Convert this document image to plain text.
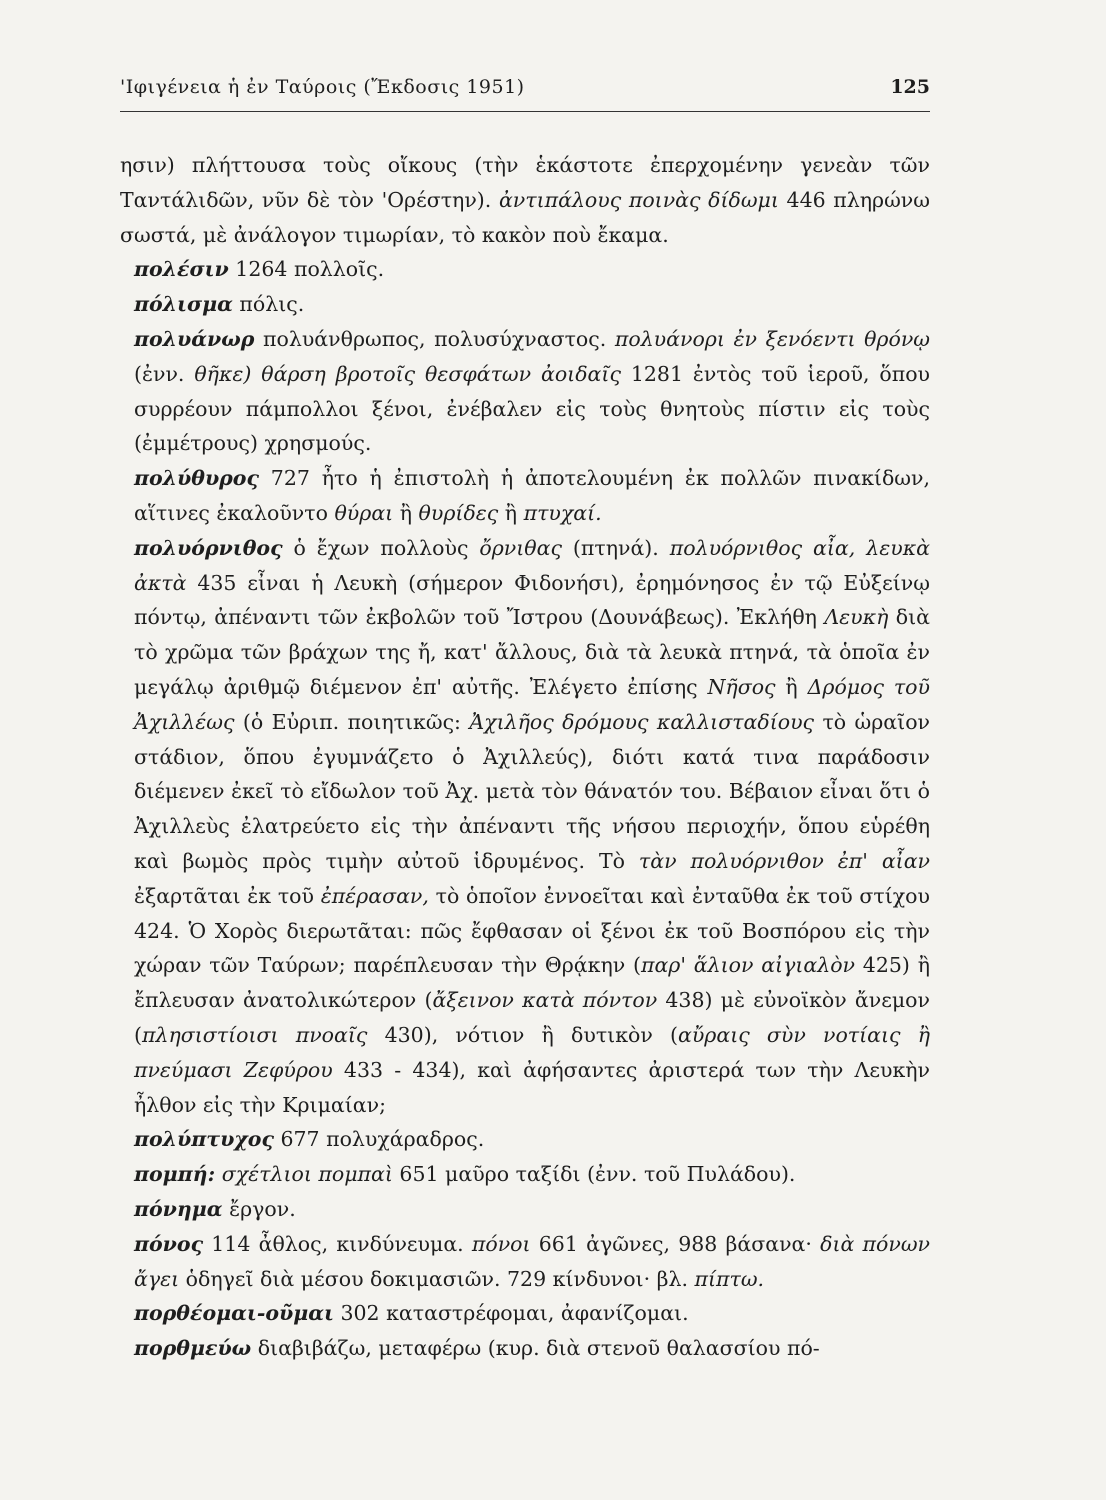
'Ιφιγένεια ἡ ἐν Ταύροις (Ἔκδοσις 1951)	125

ησιν) πλήττουσα τοὺς οἴκους (τὴν ἑκάστοτε ἐπερχομένην γενεὰν τῶν Ταντάλιδῶν, νῦν δὲ τὸν 'Ορέστην). ἀντιπάλους ποινὰς δίδωμι 446 πληρώνω σωστά, μὲ ἀνάλογον τιμωρίαν, τὸ κακὸν ποὺ ἔκαμα.

πολέσιν 1264 πολλοῖς.

πόλισμα πόλις.

πολυάνωρ πολυάνθρωπος, πολυσύχναστος. πολυάνορι ἐν ξενόεντι θρόνῳ (ἐνν. θῆκε) θάρση βροτοῖς θεσφάτων ἀοιδαῖς 1281 ἐντὸς τοῦ ἱεροῦ, ὅπου συρρέουν πάμπολλοι ξένοι, ἐνέβαλεν εἰς τοὺς θνητοὺς πίστιν εἰς τοὺς (ἐμμέτρους) χρησμούς.

πολύθυρος 727 ἦτο ἡ ἐπιστολὴ ἡ ἀποτελουμένη ἐκ πολλῶν πινακίδων, αἵτινες ἐκαλοῦντο θύραι ἢ θυρίδες ἢ πτυχαί.

πολυόρνιθος ὁ ἔχων πολλοὺς ὄρνιθας (πτηνά). πολυόρνιθος αἶα, λευκὰ ἀκτὰ 435 εἶναι ἡ Λευκὴ (σήμερον Φιδονήσι), ἐρημόνησος ἐν τῷ Εὐξείνῳ πόντῳ, ἀπέναντι τῶν ἐκβολῶν τοῦ Ἴστρου (Δουνάβεως). Ἐκλήθη Λευκὴ διὰ τὸ χρῶμα τῶν βράχων της ἤ, κατ' ἄλλους, διὰ τὰ λευκὰ πτηνά, τὰ ὁποῖα ἐν μεγάλῳ ἀριθμῷ διέμενον ἐπ' αὐτῆς. Ἐλέγετο ἐπίσης Νῆσος ἢ Δρόμος τοῦ Ἀχιλλέως (ὁ Εὐριπ. ποιητικῶς: Ἀχιλῆος δρόμους καλλισταδίους τὸ ὡραῖον στάδιον, ὅπου ἐγυμνάζετο ὁ Ἀχιλλεύς), διότι κατά τινα παράδοσιν διέμενεν ἐκεῖ τὸ εἴδωλον τοῦ Ἀχ. μετὰ τὸν θάνατόν του. Βέβαιον εἶναι ὅτι ὁ Ἀχιλλεὺς ἐλατρεύετο εἰς τὴν ἀπέναντι τῆς νήσου περιοχήν, ὅπου εὑρέθη καὶ βωμὸς πρὸς τιμὴν αὐτοῦ ἱδρυμένος. Τὸ τὰν πολυόρνιθον ἐπ' αἶαν ἐξαρτᾶται ἐκ τοῦ ἐπέρασαν, τὸ ὁποῖον ἐννοεῖται καὶ ἐνταῦθα ἐκ τοῦ στίχου 424. Ὁ Χορὸς διερωτᾶται: πῶς ἔφθασαν οἱ ξένοι ἐκ τοῦ Βοσπόρου εἰς τὴν χώραν τῶν Ταύρων; παρέπλευσαν τὴν Θρᾴκην (παρ' ἅλιον αἰγιαλὸν 425) ἢ ἔπλευσαν ἀνατολικώτερον (ἄξεινον κατὰ πόντον 438) μὲ εὐνοϊκὸν ἄνεμον (πλησιστίοισι πνοαῖς 430), νότιον ἢ δυτικὸν (αὔραις σὺν νοτίαις ἢ πνεύμασι Ζεφύρου 433 - 434), καὶ ἀφήσαντες ἀριστερά των τὴν Λευκὴν ἦλθον εἰς τὴν Κριμαίαν;

πολύπτυχος 677 πολυχάραδρος.

πομπή: σχέτλιοι πομπαὶ 651 μαῦρο ταξίδι (ἐνν. τοῦ Πυλάδου).

πόνημα ἔργον.

πόνος 114 ἆθλος, κινδύνευμα. πόνοι 661 ἀγῶνες, 988 βάσανα· διὰ πόνων ἄγει ὁδηγεῖ διὰ μέσου δοκιμασιῶν. 729 κίνδυνοι· βλ. πίπτω.

πορθέομαι-οῦμαι 302 καταστρέφομαι, ἀφανίζομαι.

πορθμεύω διαβιβάζω, μεταφέρω (κυρ. διὰ στενοῦ θαλασσίου πό-
